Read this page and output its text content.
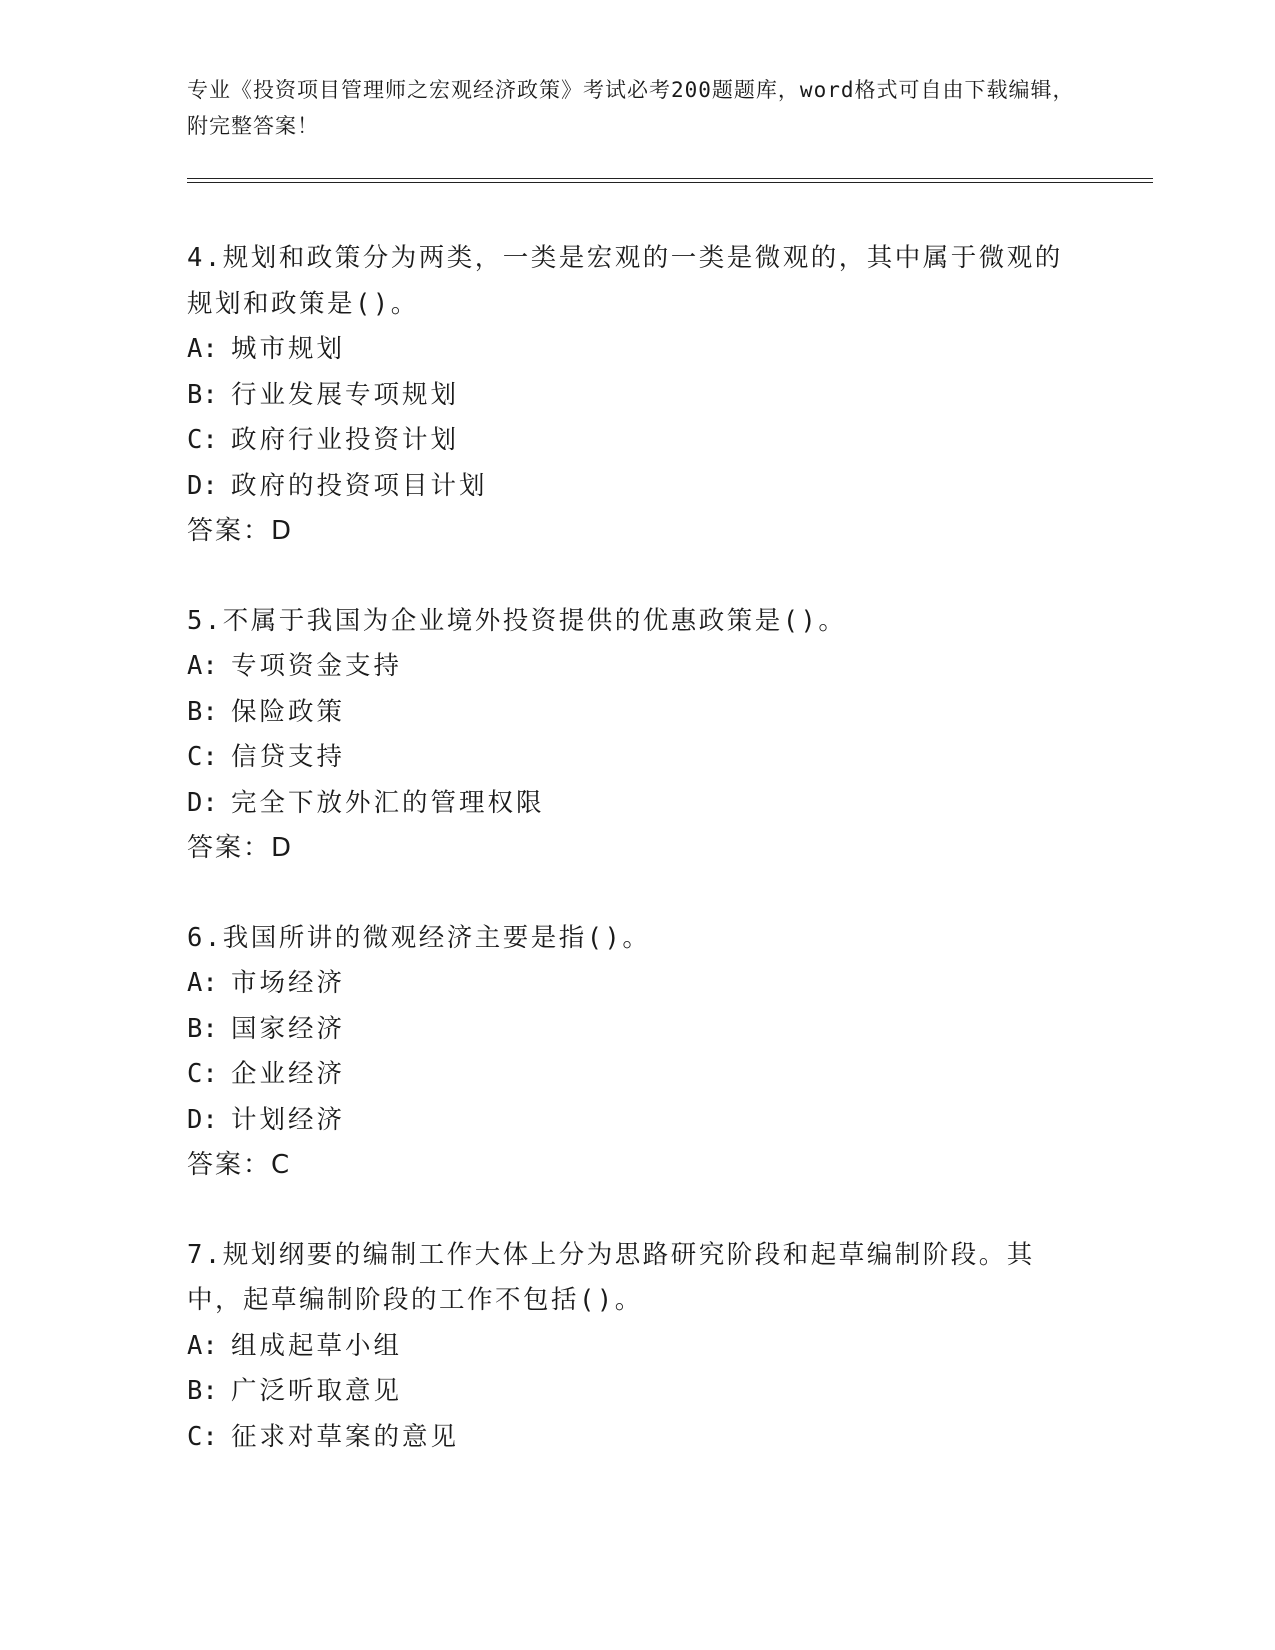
专业《投资项目管理师之宏观经济政策》考试必考200题题库，word格式可自由下载编辑，附完整答案！

4.规划和政策分为两类，一类是宏观的一类是微观的，其中属于微观的规划和政策是()。

A: 城市规划

B: 行业发展专项规划

C: 政府行业投资计划

D: 政府的投资项目计划

答案：D

5.不属于我国为企业境外投资提供的优惠政策是()。

A: 专项资金支持

B: 保险政策

C: 信贷支持

D: 完全下放外汇的管理权限

答案：D

6.我国所讲的微观经济主要是指()。

A: 市场经济

B: 国家经济

C: 企业经济

D: 计划经济

答案：C

7.规划纲要的编制工作大体上分为思路研究阶段和起草编制阶段。其中，起草编制阶段的工作不包括()。

A: 组成起草小组

B: 广泛听取意见

C: 征求对草案的意见
